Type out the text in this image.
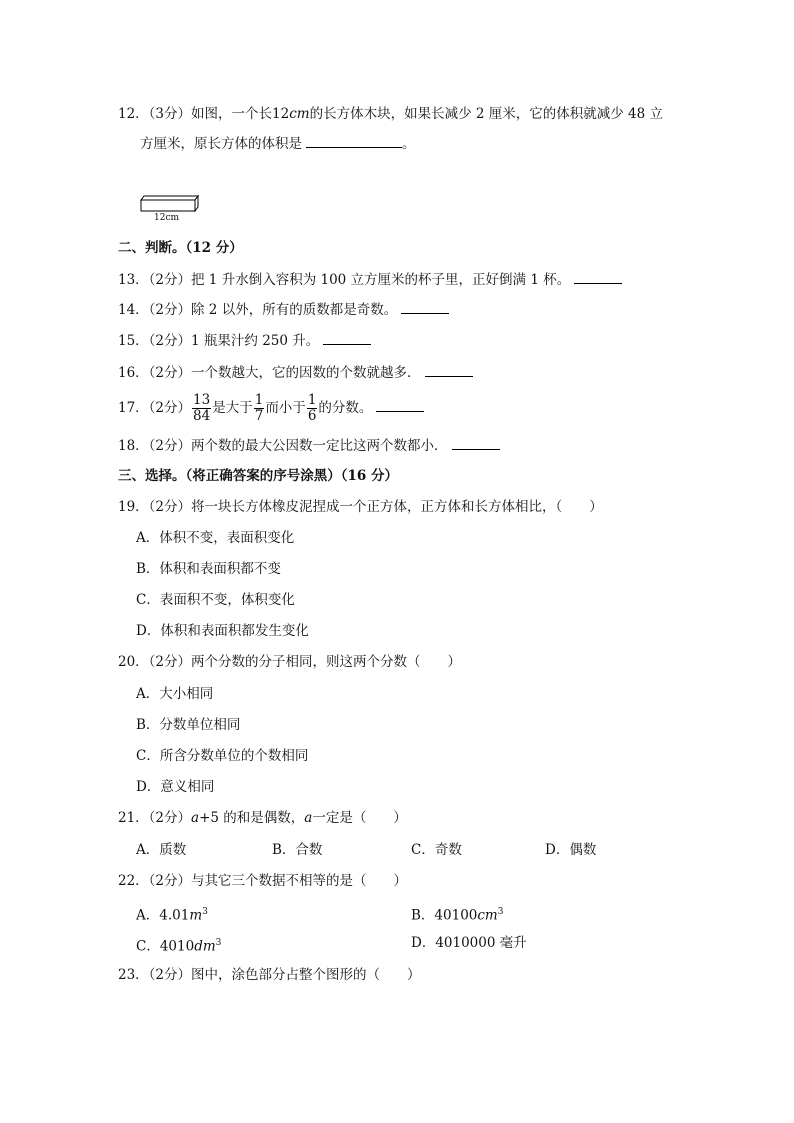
12．（3分）如图，一个长12cm的长方体木块，如果长减少 2 厘米，它的体积就减少 48 立
方厘米，原长方体的体积是	。
12cm
二、判断。（12 分）
13．（2分）把 1 升水倒入容积为 100 立方厘米的杯子里，正好倒满 1 杯。
14．（2分）除 2 以外，所有的质数都是奇数。
15．（2分）1 瓶果汁约 250 升。
16．（2分）一个数越大，它的因数的个数就越多．
17．（2分） $\frac{13}{84}$ 是大于 $\frac{1}{7}$ 而小于 $\frac{1}{6}$ 的分数。
18．（2分）两个数的最大公因数一定比这两个数都小．
三、选择。（将正确答案的序号涂黑）（16 分）
19．（2分）将一块长方体橡皮泥捏成一个正方体，正方体和长方体相比，（　　）
A．体积不变，表面积变化
B．体积和表面积都不变
C．表面积不变，体积变化
D．体积和表面积都发生变化
20．（2分）两个分数的分子相同，则这两个分数（　　）
A．大小相同
B．分数单位相同
C．所含分数单位的个数相同
D．意义相同
21．（2分）a+5 的和是偶数，a一定是（　　）
A．质数	B．合数	C．奇数	D．偶数
22．（2分）与其它三个数据不相等的是（　　）
A．$4.01m^3$	B．$40100cm^3$
C．$4010dm^3$	D．4010000 毫升
23．（2分）图中，涂色部分占整个图形的（　　）
